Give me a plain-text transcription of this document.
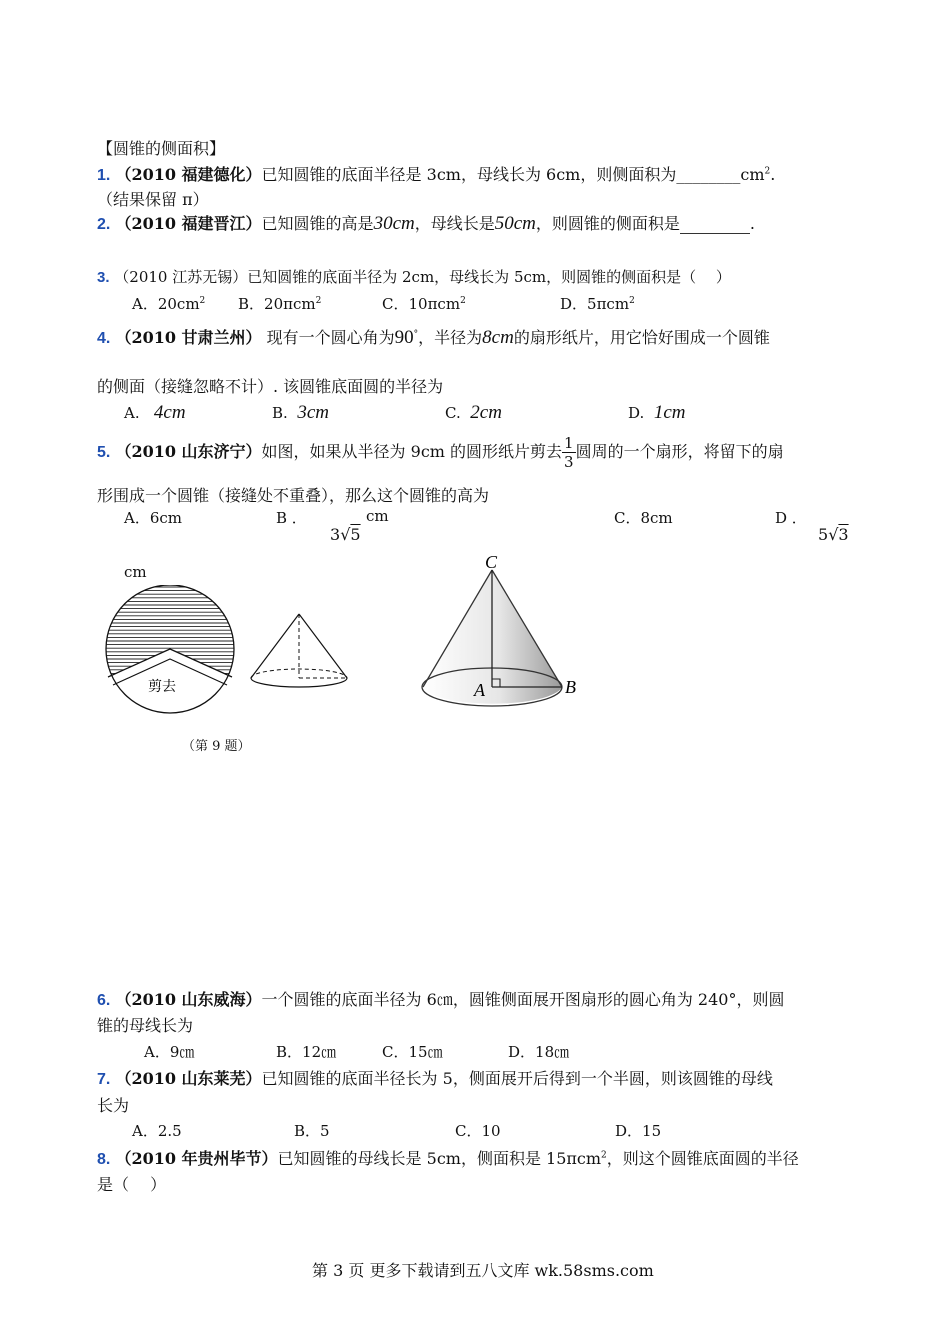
【圆锥的侧面积】
1. （2010 福建德化）已知圆锥的底面半径是 3cm，母线长为 6cm，则侧面积为$\_\_\_\_\_\_\_\_cm^2$.
（结果保留 π）
2. （2010 福建晋江）已知圆锥的高是30cm，母线长是50cm，则圆锥的侧面积是	.
3. （2010 江苏无锡）已知圆锥的底面半径为 2cm，母线长为 5cm，则圆锥的侧面积是（　 ）
A．$20cm^2$ B．20πcm$^2$	C．10πcm$^2$	D．5πcm$^2$
4. （2010 甘肃兰州） 现有一个圆心角为90°，半径为8cm的扇形纸片，用它恰好围成一个圆锥
的侧面（接缝忽略不计）. 该圆锥底面圆的半径为
A. 4cm	B. 3cm	C. 2cm	D. 1cm
5. （2010 山东济宁）如图，如果从半径为 9cm 的圆形纸片剪去 $\frac{1}{3}$ 圆周的一个扇形，将留下的扇
形围成一个圆锥（接缝处不重叠），那么这个圆锥的高为
A．6cm	B ．
3√5
cm	C．8cm	D ．
5√3
cm
剪去
C
A	B
（第 9 题）
6. （2010 山东威海）一个圆锥的底面半径为 6㎝，圆锥侧面展开图扇形的圆心角为 240°，则圆
锥的母线长为
A．9㎝	B．12㎝	C．15㎝	D．18㎝
7. （2010 山东莱芜）已知圆锥的底面半径长为 5，侧面展开后得到一个半圆，则该圆锥的母线
长为
A．2.5	B．5	C．10	D．15
8. （2010 年贵州毕节）已知圆锥的母线长是 5cm，侧面积是 15πcm$^2$，则这个圆锥底面圆的半径
是（　 ）
第 3 页 更多下载请到五八文库 wk.58sms.com
